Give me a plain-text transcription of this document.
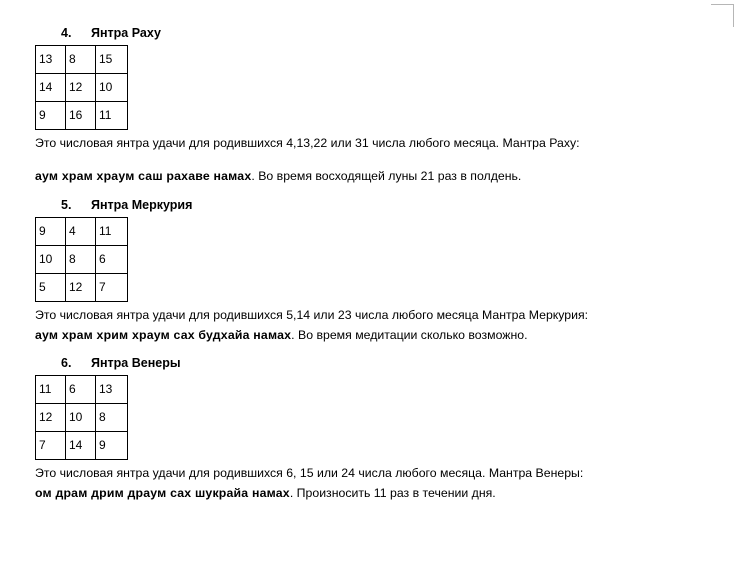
4. Янтра Раху
13	8	15
14	12	10
9	16	11
Это числовая янтра удачи для родившихся 4,13,22 или 31 числа любого месяца. Мантра Раху:
аум храм храум саш рахаве намах. Во время восходящей луны 21 раз в полдень.
5. Янтра Меркурия
9	4	11
10	8	6
5	12	7
Это числовая янтра удачи для родившихся 5,14 или 23 числа любого месяца Мантра Меркурия:
аум храм хрим храум сах будхайа намах. Во время медитации сколько возможно.
6. Янтра Венеры
11	6	13
12	10	8
7	14	9
Это числовая янтра удачи для родившихся 6, 15 или 24 числа любого месяца. Мантра Венеры:
ом драм дрим драум сах шукрайа намах. Произносить 11 раз в течении дня.
